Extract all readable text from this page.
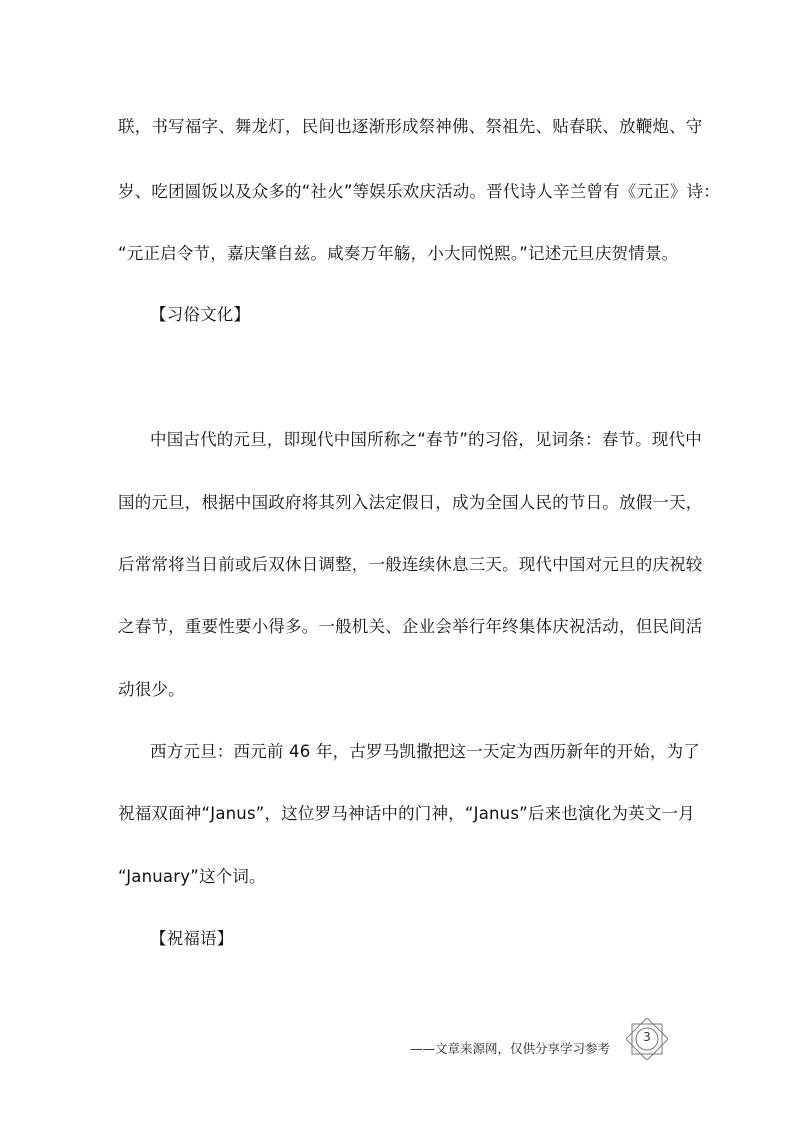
联，书写福字、舞龙灯，民间也逐渐形成祭神佛、祭祖先、贴春联、放鞭炮、守
岁、吃团圆饭以及众多的“社火”等娱乐欢庆活动。晋代诗人辛兰曾有《元正》诗：
“元正启令节，嘉庆肇自兹。咸奏万年觞，小大同悦熙。”记述元旦庆贺情景。
【习俗文化】
中国古代的元旦，即现代中国所称之“春节”的习俗，见词条：春节。现代中
国的元旦，根据中国政府将其列入法定假日，成为全国人民的节日。放假一天，
后常常将当日前或后双休日调整，一般连续休息三天。现代中国对元旦的庆祝较
之春节，重要性要小得多。一般机关、企业会举行年终集体庆祝活动，但民间活
动很少。
西方元旦：西元前 46 年，古罗马凯撒把这一天定为西历新年的开始，为了
祝福双面神“Janus”，这位罗马神话中的门神，“Janus”后来也演化为英文一月
“January”这个词。
【祝福语】
——文章来源网，仅供分享学习参考
3
